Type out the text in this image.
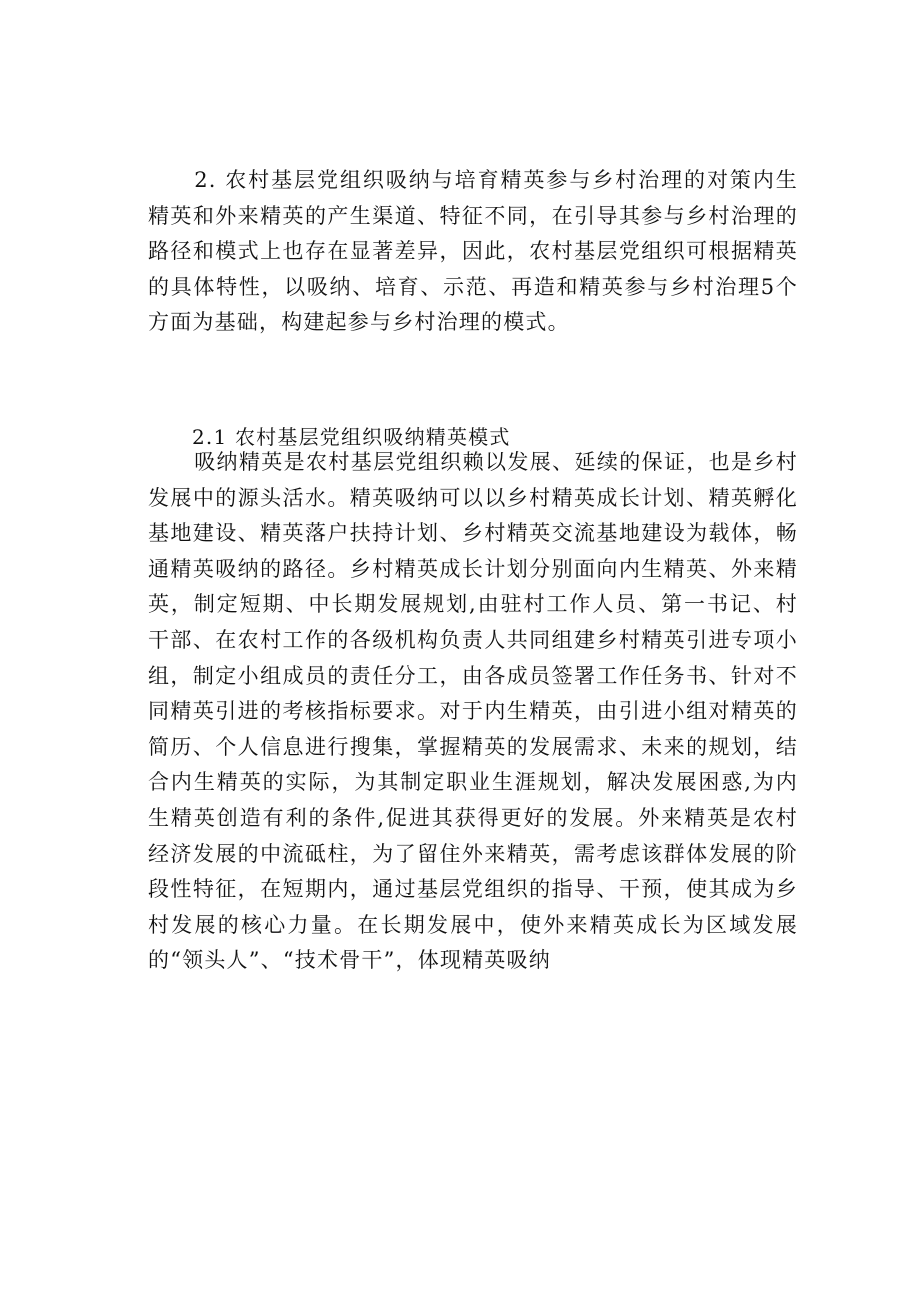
2. 农村基层党组织吸纳与培育精英参与乡村治理的对策内生精英和外来精英的产生渠道、特征不同，在引导其参与乡村治理的路径和模式上也存在显著差异，因此，农村基层党组织可根据精英的具体特性，以吸纳、培育、示范、再造和精英参与乡村治理5个方面为基础，构建起参与乡村治理的模式。

2.1 农村基层党组织吸纳精英模式

吸纳精英是农村基层党组织赖以发展、延续的保证，也是乡村发展中的源头活水。精英吸纳可以以乡村精英成长计划、精英孵化基地建设、精英落户扶持计划、乡村精英交流基地建设为载体，畅通精英吸纳的路径。乡村精英成长计划分别面向内生精英、外来精英，制定短期、中长期发展规划,由驻村工作人员、第一书记、村干部、在农村工作的各级机构负责人共同组建乡村精英引进专项小组，制定小组成员的责任分工，由各成员签署工作任务书、针对不同精英引进的考核指标要求。对于内生精英，由引进小组对精英的简历、个人信息进行搜集，掌握精英的发展需求、未来的规划，结合内生精英的实际，为其制定职业生涯规划，解决发展困惑,为内生精英创造有利的条件,促进其获得更好的发展。外来精英是农村经济发展的中流砥柱，为了留住外来精英，需考虑该群体发展的阶段性特征，在短期内，通过基层党组织的指导、干预，使其成为乡村发展的核心力量。在长期发展中，使外来精英成长为区域发展的“领头人”、“技术骨干”，体现精英吸纳
